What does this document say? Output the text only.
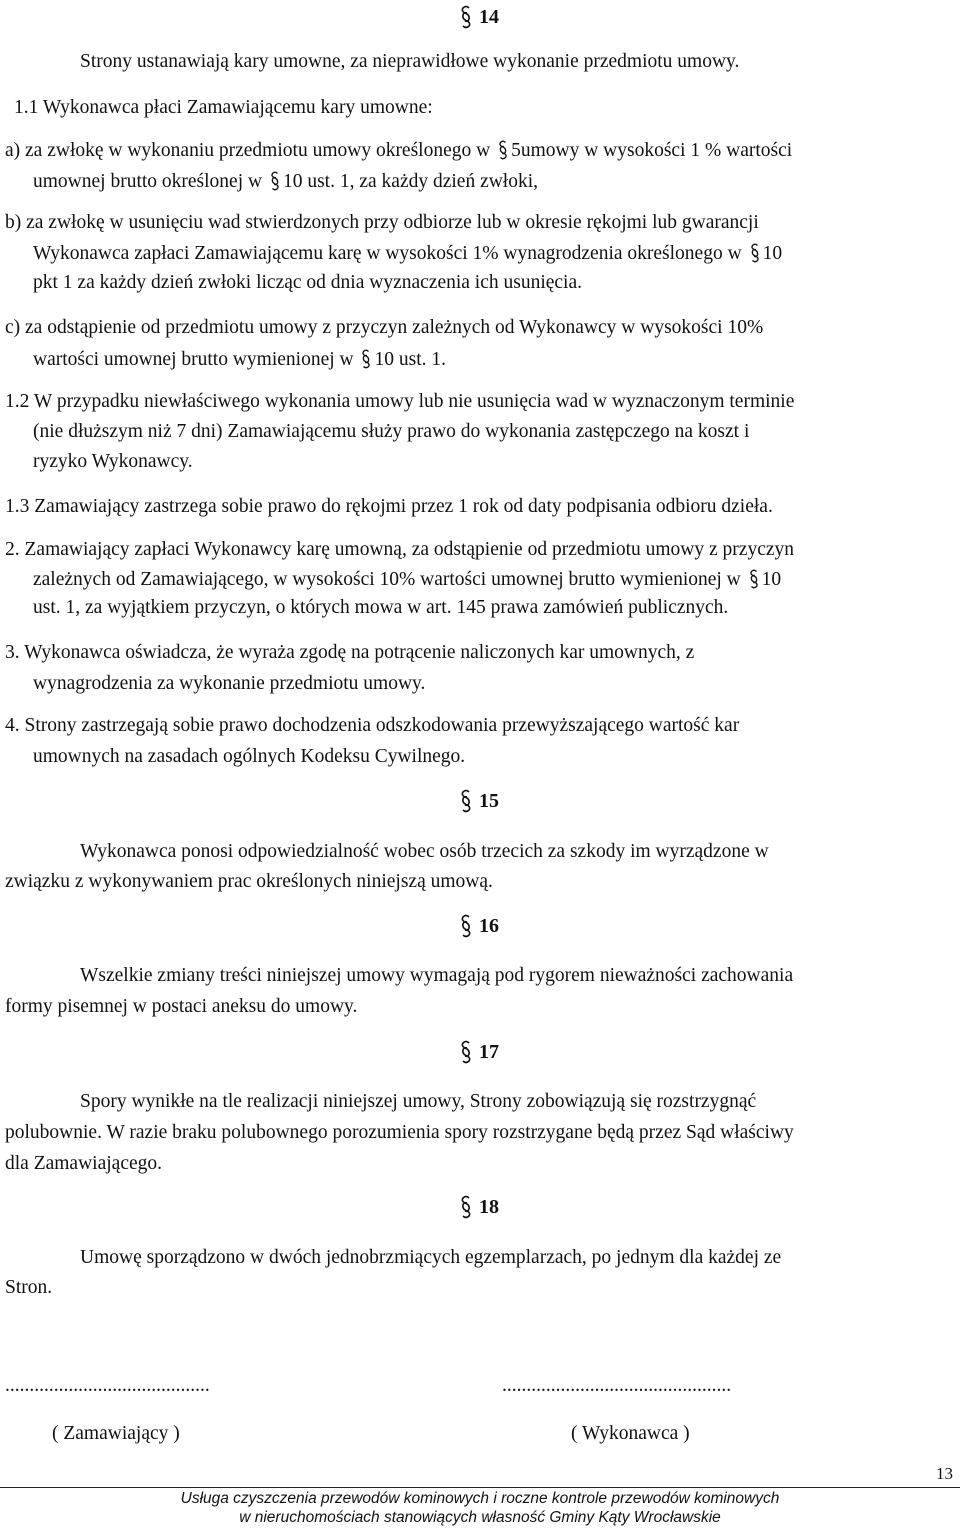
14
Strony ustanawiają kary umowne, za nieprawidłowe wykonanie przedmiotu umowy.
1.1 Wykonawca płaci Zamawiającemu kary umowne:
a) za zwłokę w wykonaniu przedmiotu umowy określonego w 5umowy w wysokości 1 % wartości
umownej brutto określonej w 10 ust. 1, za każdy dzień zwłoki,
b) za zwłokę w usunięciu wad stwierdzonych przy odbiorze lub w okresie rękojmi lub gwarancji
Wykonawca zapłaci Zamawiającemu karę w wysokości 1% wynagrodzenia określonego w 10
pkt 1 za każdy dzień zwłoki licząc od dnia wyznaczenia ich usunięcia.
c) za odstąpienie od przedmiotu umowy z przyczyn zależnych od Wykonawcy w wysokości 10%
wartości umownej brutto wymienionej w 10 ust. 1.
1.2 W przypadku niewłaściwego wykonania umowy lub nie usunięcia wad w wyznaczonym terminie
(nie dłuższym niż 7 dni) Zamawiającemu służy prawo do wykonania zastępczego na koszt i
ryzyko Wykonawcy.
1.3 Zamawiający zastrzega sobie prawo do rękojmi przez 1 rok od daty podpisania odbioru dzieła.
2. Zamawiający zapłaci Wykonawcy karę umowną, za odstąpienie od przedmiotu umowy z przyczyn
zależnych od Zamawiającego, w wysokości 10% wartości umownej brutto wymienionej w 10
ust. 1, za wyjątkiem przyczyn, o których mowa w art. 145 prawa zamówień publicznych.
3. Wykonawca oświadcza, że wyraża zgodę na potrącenie naliczonych kar umownych, z
wynagrodzenia za wykonanie przedmiotu umowy.
4. Strony zastrzegają sobie prawo dochodzenia odszkodowania przewyższającego wartość kar
umownych na zasadach ogólnych Kodeksu Cywilnego.
15
Wykonawca ponosi odpowiedzialność wobec osób trzecich za szkody im wyrządzone w
związku z wykonywaniem prac określonych niniejszą umową.
16
Wszelkie zmiany treści niniejszej umowy wymagają pod rygorem nieważności zachowania
formy pisemnej w postaci aneksu do umowy.
17
Spory wynikłe na tle realizacji niniejszej umowy, Strony zobowiązują się rozstrzygnąć
polubownie. W razie braku polubownego porozumienia spory rozstrzygane będą przez Sąd właściwy
dla Zamawiającego.
18
Umowę sporządzono w dwóch jednobrzmiących egzemplarzach, po jednym dla każdej ze
Stron.
..........................................	...............................................
( Zamawiający )	( Wykonawca )
13
Usługa czyszczenia przewodów kominowych i roczne kontrole przewodów kominowych
w nieruchomościach stanowiących własność Gminy Kąty Wrocławskie
